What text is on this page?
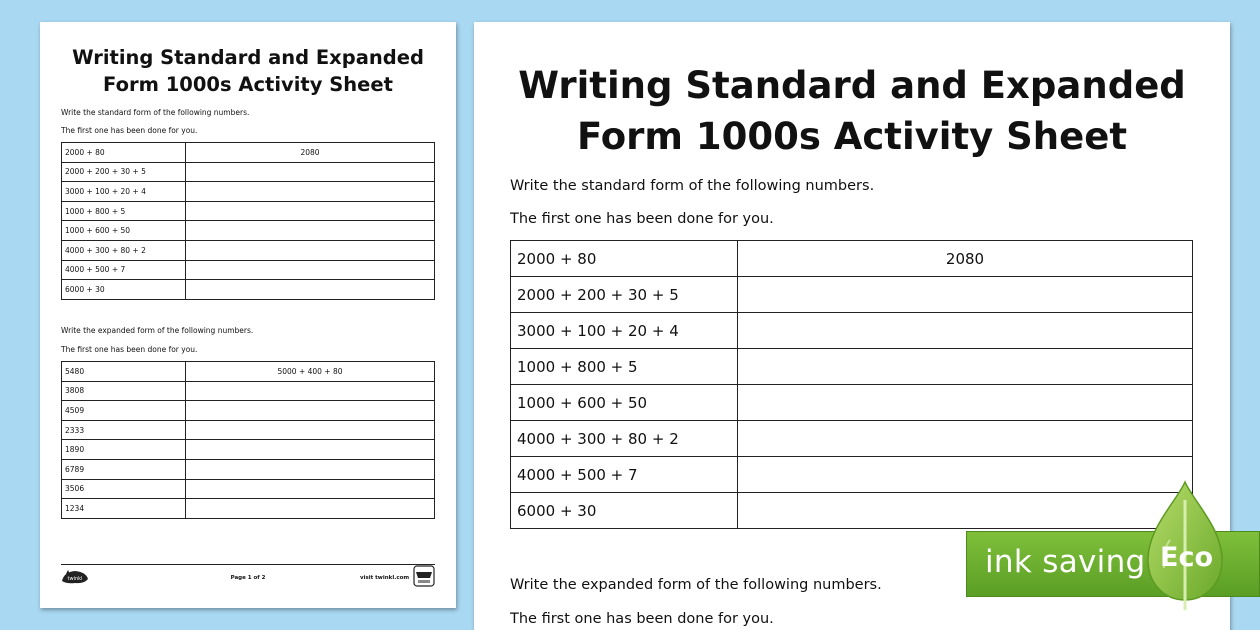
Writing Standard and Expanded Form 1000s Activity Sheet
Write the standard form of the following numbers.
The first one has been done for you.
2000 + 80	2080
2000 + 200 + 30 + 5	
3000 + 100 + 20 + 4	
1000 + 800 + 5	
1000 + 600 + 50	
4000 + 300 + 80 + 2	
4000 + 500 + 7	
6000 + 30	
Write the expanded form of the following numbers.
The first one has been done for you.
5480	5000 + 400 + 80
3808	
4509	
2333	
1890	
6789	
3506	
1234	
twinkl	Page 1 of 2	visit twinkl.com
Writing Standard and Expanded
Form 1000s Activity Sheet
Write the standard form of the following numbers.
The first one has been done for you.
2000 + 80	2080
2000 + 200 + 30 + 5	
3000 + 100 + 20 + 4	
1000 + 800 + 5	
1000 + 600 + 50	
4000 + 300 + 80 + 2	
4000 + 500 + 7	
6000 + 30	
Write the expanded form of the following numbers.
The first one has been done for you.
ink saving Eco
